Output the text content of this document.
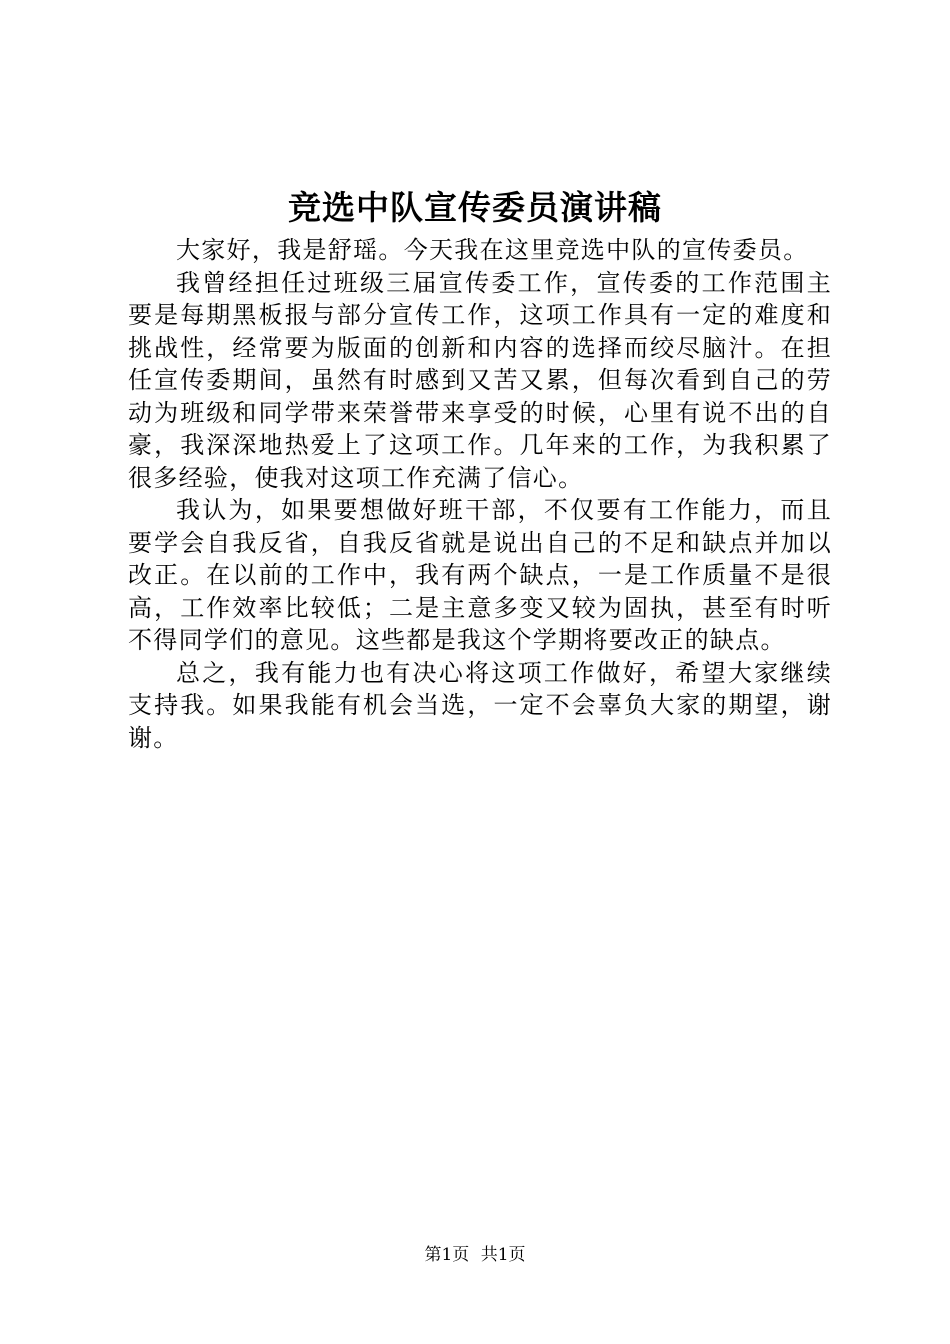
竞选中队宣传委员演讲稿

大家好，我是舒瑶。今天我在这里竞选中队的宣传委员。

我曾经担任过班级三届宣传委工作，宣传委的工作范围主要是每期黑板报与部分宣传工作，这项工作具有一定的难度和挑战性，经常要为版面的创新和内容的选择而绞尽脑汁。在担任宣传委期间，虽然有时感到又苦又累，但每次看到自己的劳动为班级和同学带来荣誉带来享受的时候，心里有说不出的自豪，我深深地热爱上了这项工作。几年来的工作，为我积累了很多经验，使我对这项工作充满了信心。

我认为，如果要想做好班干部，不仅要有工作能力，而且要学会自我反省，自我反省就是说出自己的不足和缺点并加以改正。在以前的工作中，我有两个缺点，一是工作质量不是很高，工作效率比较低；二是主意多变又较为固执，甚至有时听不得同学们的意见。这些都是我这个学期将要改正的缺点。

总之，我有能力也有决心将这项工作做好，希望大家继续支持我。如果我能有机会当选，一定不会辜负大家的期望，谢谢。

第1页 共1页
